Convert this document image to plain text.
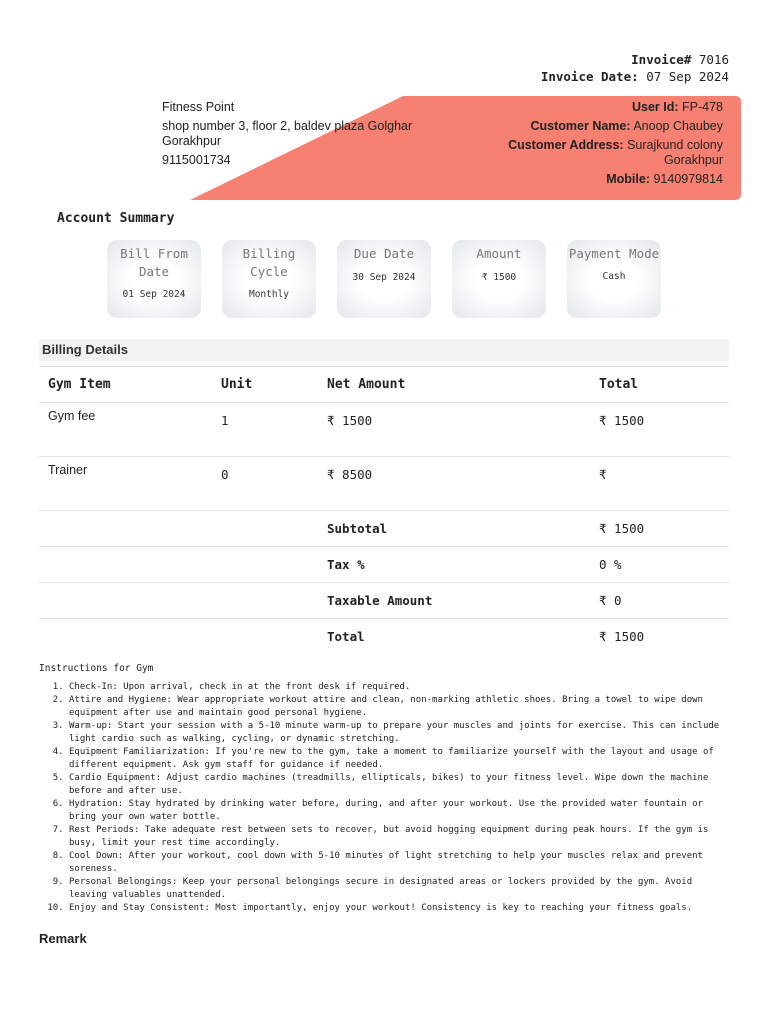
Invoice# 7016
Invoice Date: 07 Sep 2024
Fitness Point
shop number 3, floor 2, baldev plaza Golghar Gorakhpur
9115001734
User Id: FP-478
Customer Name: Anoop Chaubey
Customer Address: Surajkund colony Gorakhpur
Mobile: 9140979814
Account Summary
Bill From Date
01 Sep 2024
Billing Cycle
Monthly
Due Date
30 Sep 2024
Amount
₹ 1500
Payment Mode
Cash
Billing Details
Gym Item	Unit	Net Amount	Total
Gym fee	1	₹ 1500	₹ 1500
Trainer	0	₹ 8500	₹
		Subtotal	₹ 1500
		Tax %	0 %
		Taxable Amount	₹ 0
		Total	₹ 1500
Instructions for Gym
1. Check-In: Upon arrival, check in at the front desk if required.
2. Attire and Hygiene: Wear appropriate workout attire and clean, non-marking athletic shoes. Bring a towel to wipe down equipment after use and maintain good personal hygiene.
3. Warm-up: Start your session with a 5-10 minute warm-up to prepare your muscles and joints for exercise. This can include light cardio such as walking, cycling, or dynamic stretching.
4. Equipment Familiarization: If you're new to the gym, take a moment to familiarize yourself with the layout and usage of different equipment. Ask gym staff for guidance if needed.
5. Cardio Equipment: Adjust cardio machines (treadmills, ellipticals, bikes) to your fitness level. Wipe down the machine before and after use.
6. Hydration: Stay hydrated by drinking water before, during, and after your workout. Use the provided water fountain or bring your own water bottle.
7. Rest Periods: Take adequate rest between sets to recover, but avoid hogging equipment during peak hours. If the gym is busy, limit your rest time accordingly.
8. Cool Down: After your workout, cool down with 5-10 minutes of light stretching to help your muscles relax and prevent soreness.
9. Personal Belongings: Keep your personal belongings secure in designated areas or lockers provided by the gym. Avoid leaving valuables unattended.
10. Enjoy and Stay Consistent: Most importantly, enjoy your workout! Consistency is key to reaching your fitness goals.
Remark
